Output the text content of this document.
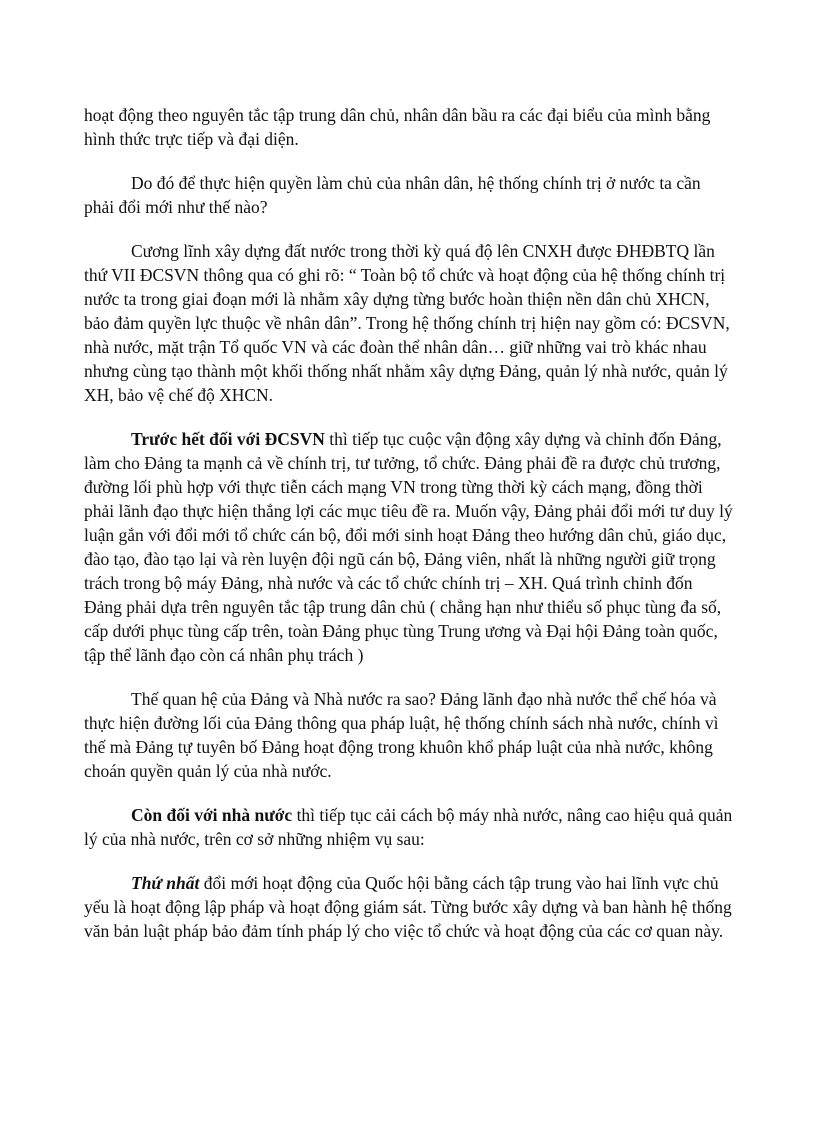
hoạt động theo nguyên tắc tập trung dân chủ, nhân dân bầu ra các đại biểu của mình bằng hình thức trực tiếp và đại diện.

Do đó để thực hiện quyền làm chủ của nhân dân, hệ thống chính trị ở nước ta cần phải đổi mới như thế nào?

Cương lĩnh xây dựng đất nước trong thời kỳ quá độ lên CNXH được ĐHĐBTQ lần thứ VII ĐCSVN thông qua có ghi rõ: “ Toàn bộ tổ chức và hoạt động của hệ thống chính trị nước ta trong giai đoạn mới là nhằm xây dựng từng bước hoàn thiện nền dân chủ XHCN, bảo đảm quyền lực thuộc về nhân dân”. Trong hệ thống chính trị hiện nay gồm có: ĐCSVN, nhà nước, mặt trận Tổ quốc VN và các đoàn thể nhân dân… giữ những vai trò khác nhau nhưng cùng tạo thành một khối thống nhất nhằm xây dựng Đảng, quản lý nhà nước, quản lý XH, bảo vệ chế độ XHCN.

Trước hết đối với ĐCSVN thì tiếp tục cuộc vận động xây dựng và chỉnh đốn Đảng, làm cho Đảng ta mạnh cả về chính trị, tư tưởng, tổ chức. Đảng phải đề ra được chủ trương, đường lối phù hợp với thực tiễn cách mạng VN trong từng thời kỳ cách mạng, đồng thời phải lãnh đạo thực hiện thắng lợi các mục tiêu đề ra. Muốn vậy, Đảng phải đổi mới tư duy lý luận gắn với đổi mới tổ chức cán bộ, đổi mới sinh hoạt Đảng theo hướng dân chủ, giáo dục, đào tạo, đào tạo lại và rèn luyện đội ngũ cán bộ, Đảng viên, nhất là những người giữ trọng trách trong bộ máy Đảng, nhà nước và các tổ chức chính trị – XH. Quá trình chỉnh đốn Đảng phải dựa trên nguyên tắc tập trung dân chủ ( chẳng hạn như thiểu số phục tùng đa số, cấp dưới phục tùng cấp trên, toàn Đảng phục tùng Trung ương và Đại hội Đảng toàn quốc, tập thể lãnh đạo còn cá nhân phụ trách )

Thế quan hệ của Đảng và Nhà nước ra sao? Đảng lãnh đạo nhà nước thể chế hóa và thực hiện đường lối của Đảng thông qua pháp luật, hệ thống chính sách nhà nước, chính vì thế mà Đảng tự tuyên bố Đảng hoạt động trong khuôn khổ pháp luật của nhà nước, không choán quyền quản lý của nhà nước.

Còn đối với nhà nước thì tiếp tục cải cách bộ máy nhà nước, nâng cao hiệu quả quản lý của nhà nước, trên cơ sở những nhiệm vụ sau:

Thứ nhất đổi mới hoạt động của Quốc hội bằng cách tập trung vào hai lĩnh vực chủ yếu là hoạt động lập pháp và hoạt động giám sát. Từng bước xây dựng và ban hành hệ thống văn bản luật pháp bảo đảm tính pháp lý cho việc tổ chức và hoạt động của các cơ quan này.
